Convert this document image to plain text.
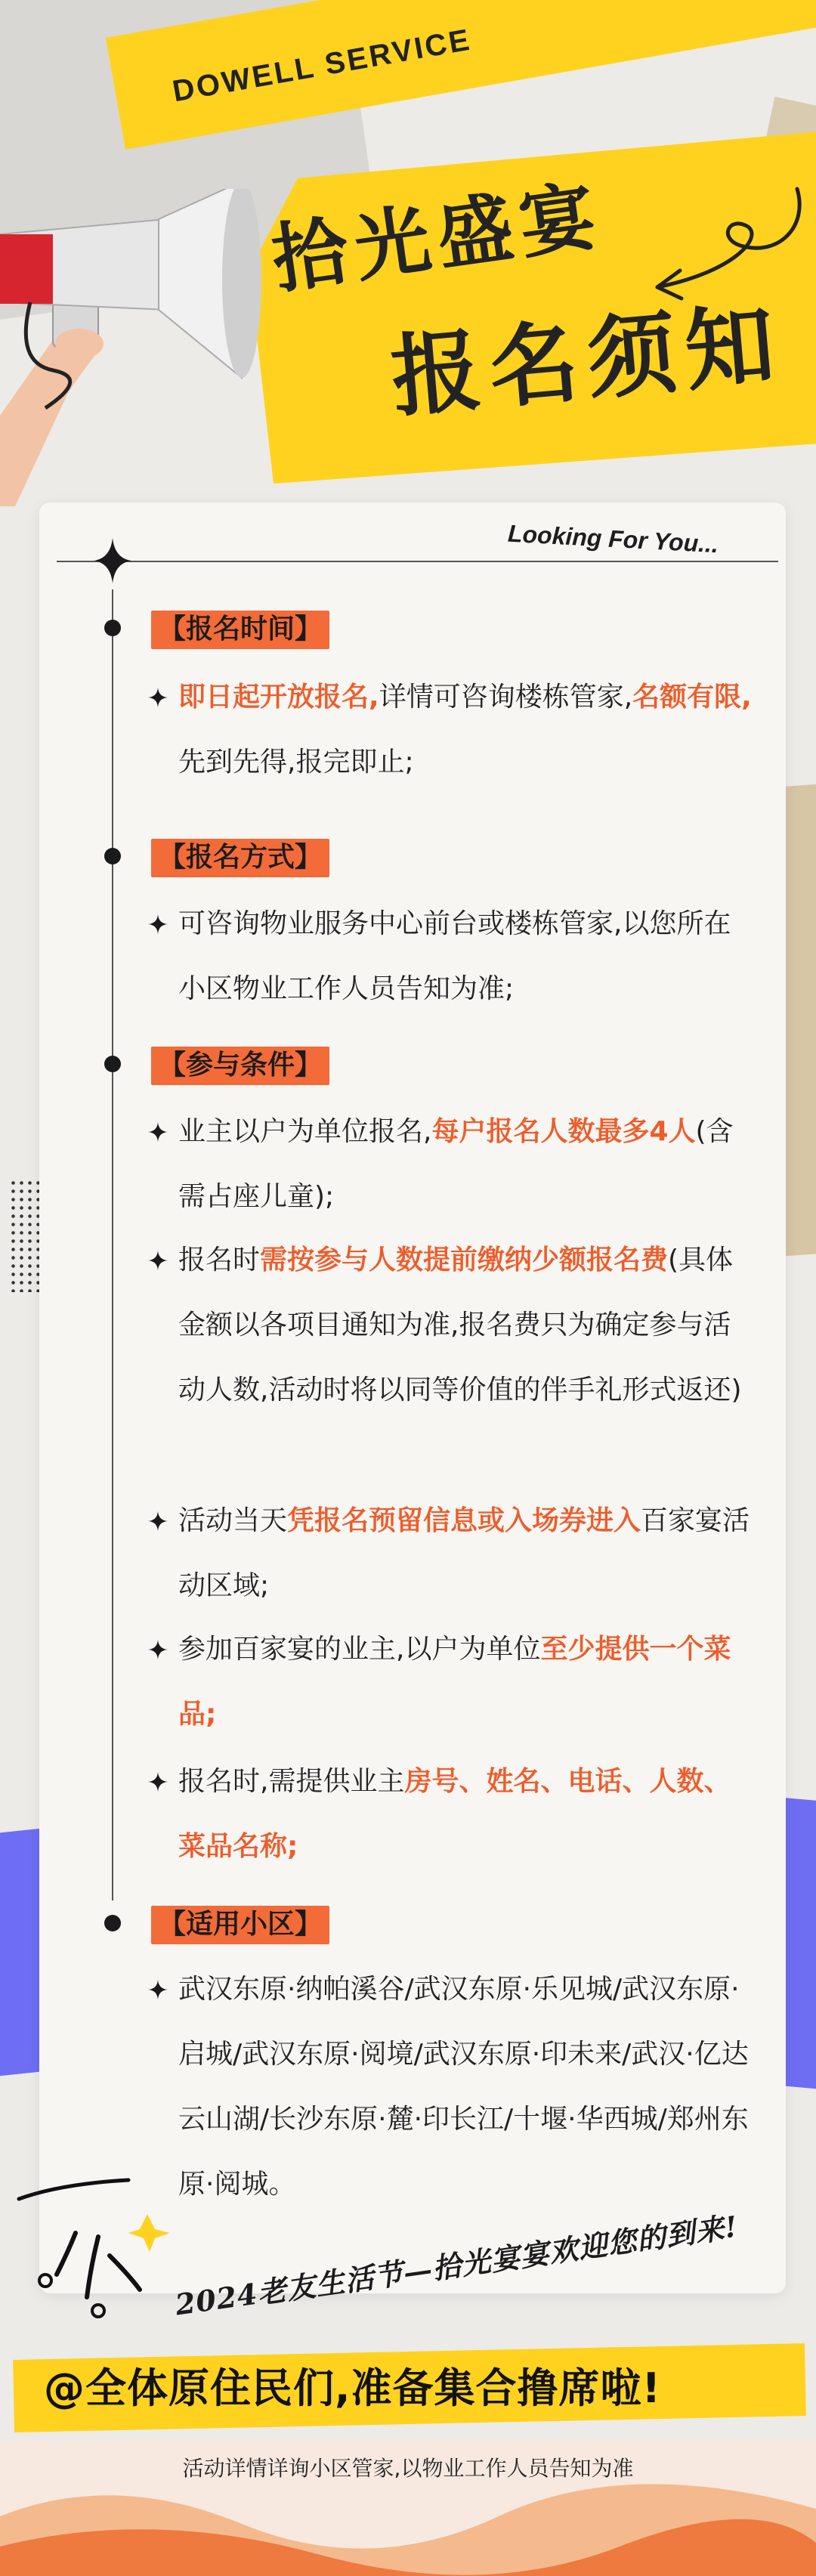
DOWELL SERVICE
拾光盛宴
报名须知
Looking For You...
【报名时间】
即日起开放报名,详情可咨询楼栋管家,名额有限,先到先得,报完即止;
【报名方式】
可咨询物业服务中心前台或楼栋管家,以您所在小区物业工作人员告知为准;
【参与条件】
业主以户为单位报名,每户报名人数最多4人(含需占座儿童);
报名时需按参与人数提前缴纳少额报名费(具体金额以各项目通知为准,报名费只为确定参与活动人数,活动时将以同等价值的伴手礼形式返还)
活动当天凭报名预留信息或入场券进入百家宴活动区域;
参加百家宴的业主,以户为单位至少提供一个菜品;
报名时,需提供业主房号、姓名、电话、人数、菜品名称;
【适用小区】
武汉东原·纳帕溪谷/武汉东原·乐见城/武汉东原·启城/武汉东原·阅境/武汉东原·印未来/武汉·亿达云山湖/长沙东原·麓·印长江/十堰·华西城/郑州东原·阅城。
2024老友生活节—拾光宴宴欢迎您的到来!
@全体原住民们,准备集合撸席啦!
活动详情详询小区管家,以物业工作人员告知为准
